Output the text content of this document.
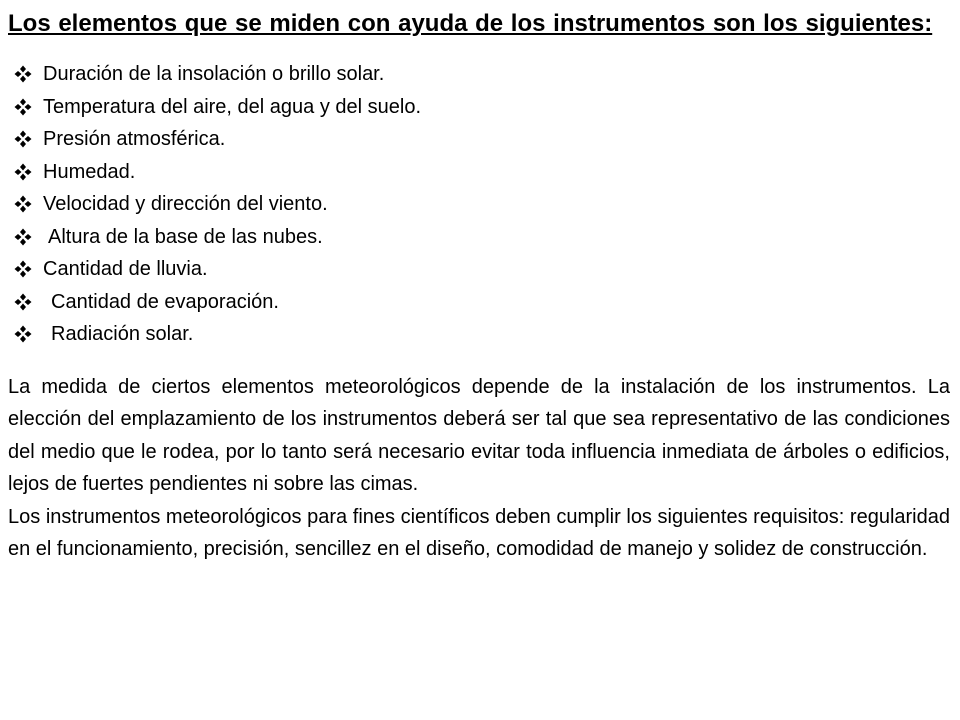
Los elementos que se miden con ayuda de los instrumentos son los siguientes:
Duración de la insolación o brillo solar.
Temperatura del aire, del agua y del suelo.
Presión atmosférica.
Humedad.
Velocidad y dirección del viento.
Altura de la base de las nubes.
Cantidad de lluvia.
Cantidad de evaporación.
Radiación solar.

La medida de ciertos elementos meteorológicos depende de la instalación de los instrumentos. La elección del emplazamiento de los instrumentos deberá ser tal que sea representativo de las condiciones del medio que le rodea, por lo tanto será necesario evitar toda influencia inmediata de árboles o edificios, lejos de fuertes pendientes ni sobre las cimas.

Los instrumentos meteorológicos para fines científicos deben cumplir los siguientes requisitos: regularidad en el funcionamiento, precisión, sencillez en el diseño, comodidad de manejo y solidez de construcción.
